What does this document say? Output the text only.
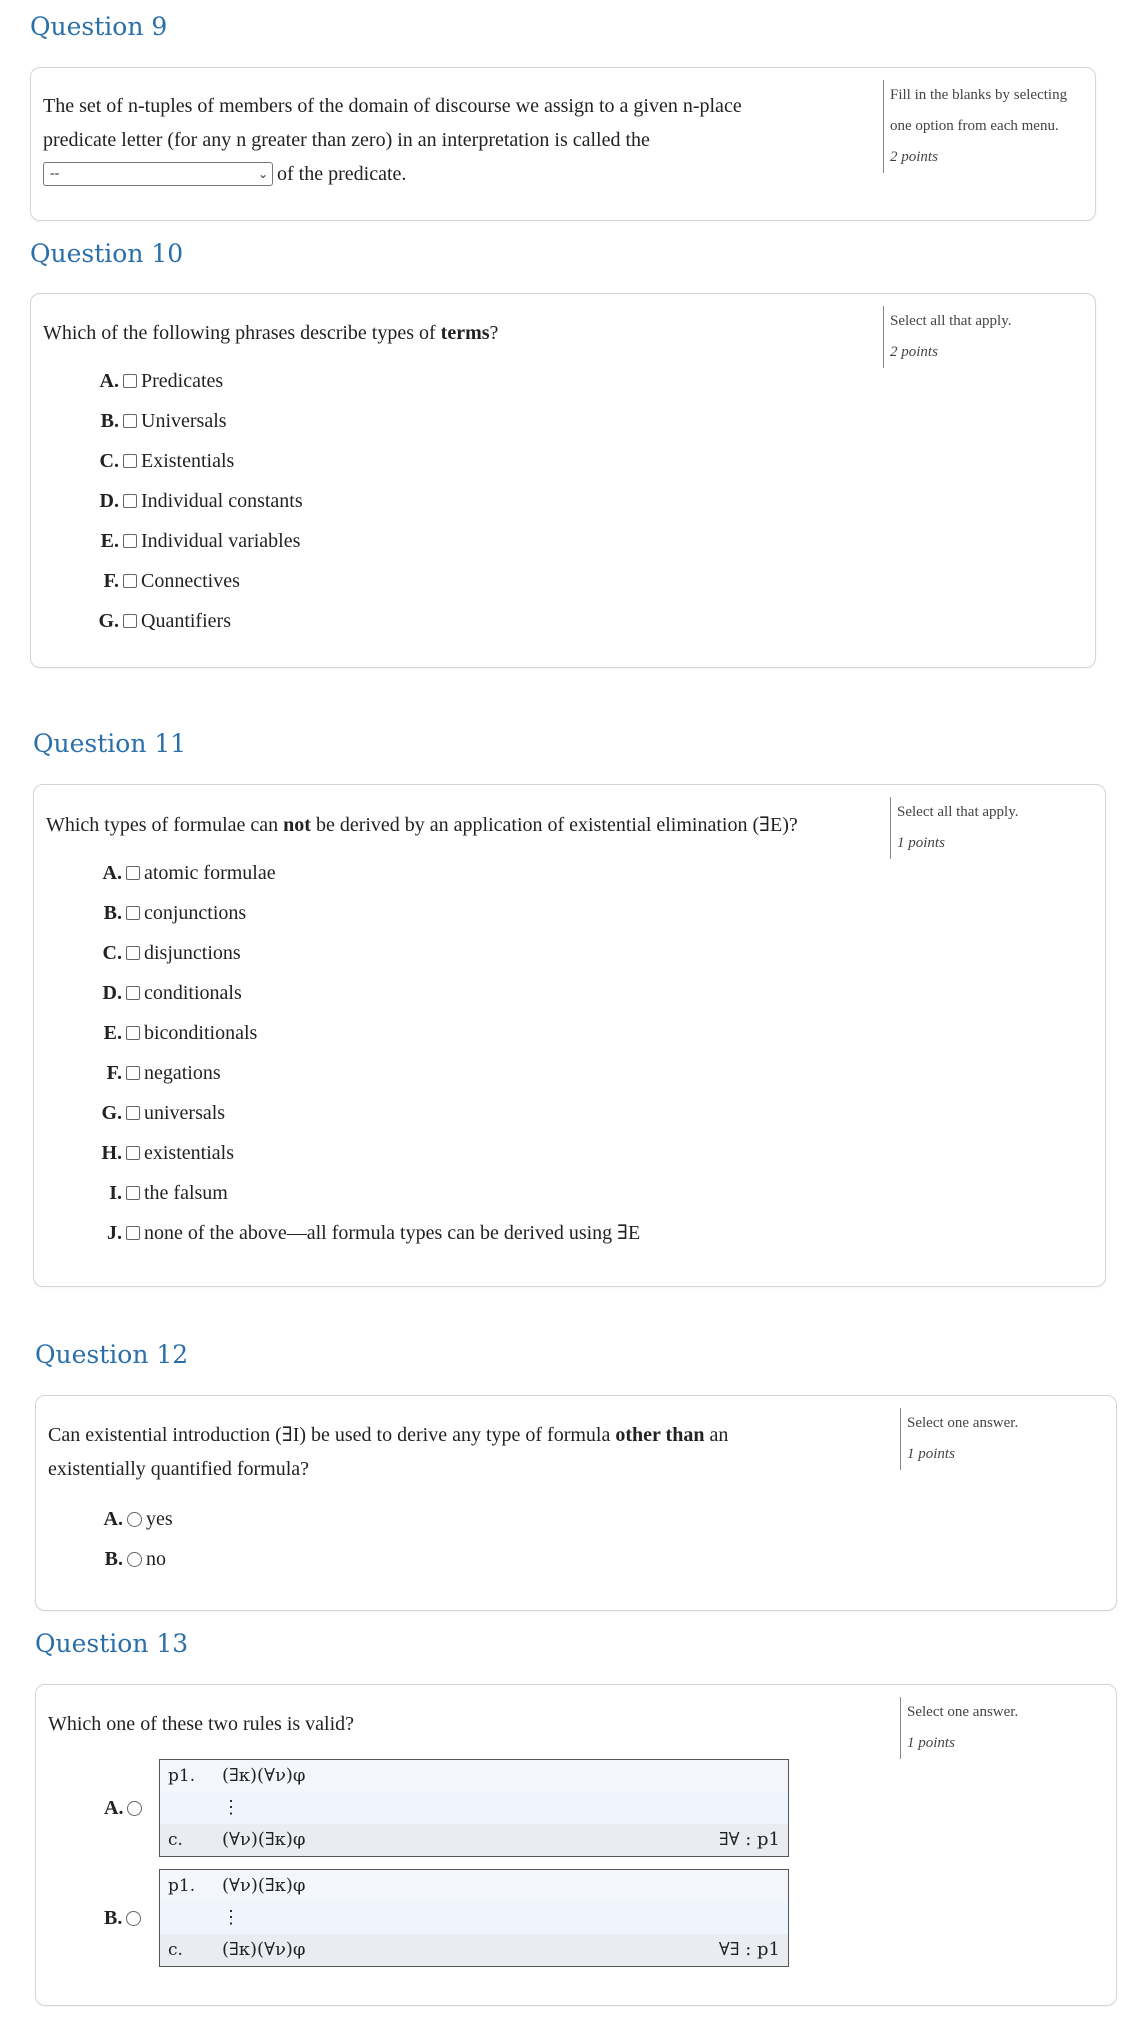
Question 9
The set of n-tuples of members of the domain of discourse we assign to a given n-place
predicate letter (for any n greater than zero) in an interpretation is called the
--	⌄ of the predicate.
Fill in the blanks by selecting
one option from each menu.
2 points
Question 10
Which of the following phrases describe types of terms?
Select all that apply.
2 points
A. Predicates
B. Universals
C. Existentials
D. Individual constants
E. Individual variables
F. Connectives
G. Quantifiers
Question 11
Which types of formulae can not be derived by an application of existential elimination (∃E)?
Select all that apply.
1 points
A. atomic formulae
B. conjunctions
C. disjunctions
D. conditionals
E. biconditionals
F. negations
G. universals
H. existentials
I. the falsum
J. none of the above—all formula types can be derived using ∃E
Question 12
Can existential introduction (∃I) be used to derive any type of formula other than an
existentially quantified formula?
Select one answer.
1 points
A. yes
B. no
Question 13
Which one of these two rules is valid?
Select one answer.
1 points
A.
p1. (∃κ)(∀ν)φ
⋮
c. (∀ν)(∃κ)φ	∃∀ : p1
B.
p1. (∀ν)(∃κ)φ
⋮
c. (∃κ)(∀ν)φ	∀∃ : p1
